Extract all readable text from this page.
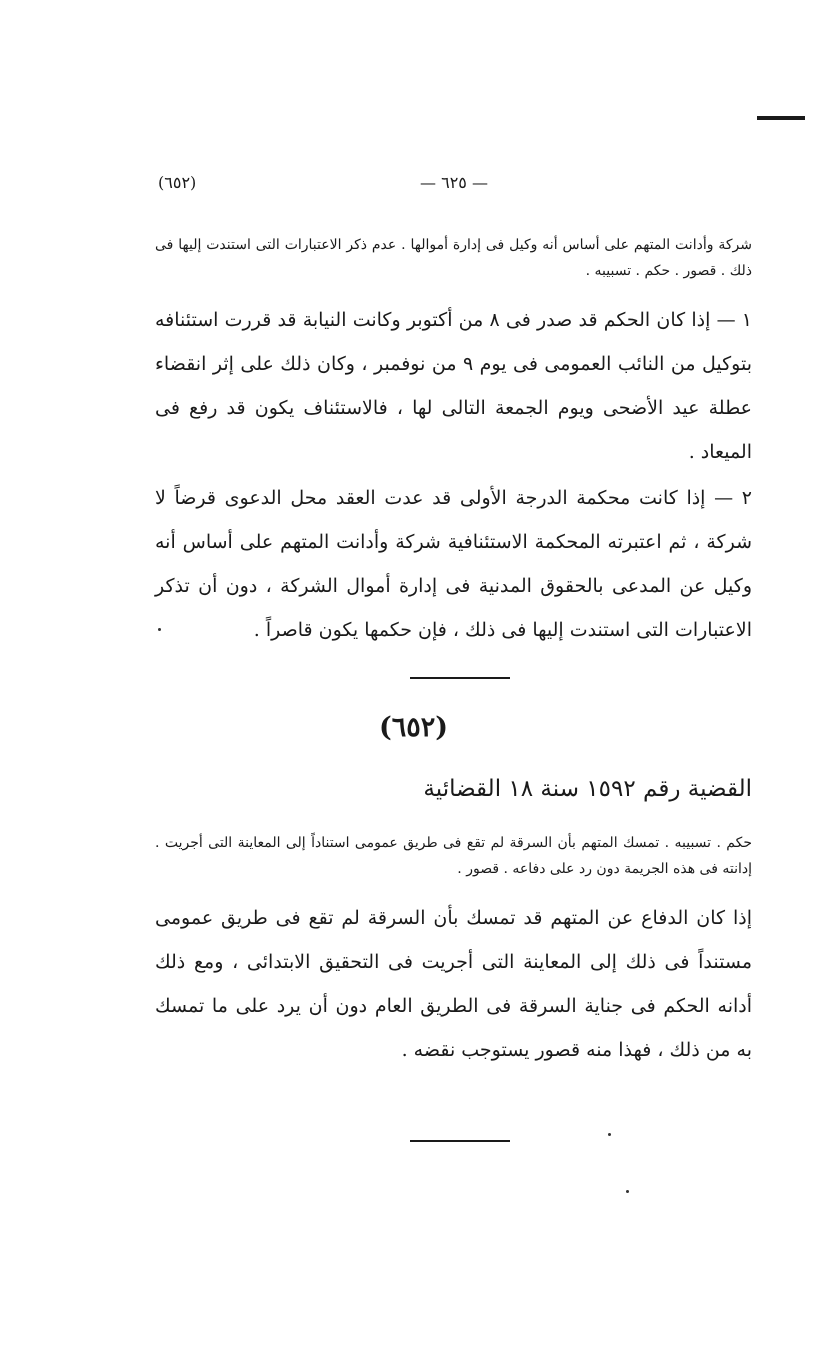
— ٦٢٥ —
(٦٥٢)
شركة وأدانت المتهم على أساس أنه وكيل فى إدارة أموالها . عدم ذكر الاعتبارات التى استندت إليها فى ذلك . قصور . حكم . تسبيبه .
١ — إذا كان الحكم قد صدر فى ٨ من أكتوبر وكانت النيابة قد قررت استئنافه بتوكيل من النائب العمومى فى يوم ٩ من نوفمبر ، وكان ذلك على إثر انقضاء عطلة عيد الأضحى ويوم الجمعة التالى لها ، فالاستئناف يكون قد رفع فى الميعاد .
٢ — إذا كانت محكمة الدرجة الأولى قد عدت العقد محل الدعوى قرضاً لا شركة ، ثم اعتبرته المحكمة الاستئنافية شركة وأدانت المتهم على أساس أنه وكيل عن المدعى بالحقوق المدنية فى إدارة أموال الشركة ، دون أن تذكر الاعتبارات التى استندت إليها فى ذلك ، فإن حكمها يكون قاصراً .
(٦٥٢)
القضية رقم ١٥٩٢ سنة ١٨ القضائية
حكم . تسبيبه . تمسك المتهم بأن السرقة لم تقع فى طريق عمومى استناداً إلى المعاينة التى أجريت . إدانته فى هذه الجريمة دون رد على دفاعه . قصور .
إذا كان الدفاع عن المتهم قد تمسك بأن السرقة لم تقع فى طريق عمومى مستنداً فى ذلك إلى المعاينة التى أجريت فى التحقيق الابتدائى ، ومع ذلك أدانه الحكم فى جناية السرقة فى الطريق العام دون أن يرد على ما تمسك به من ذلك ، فهذا منه قصور يستوجب نقضه .
